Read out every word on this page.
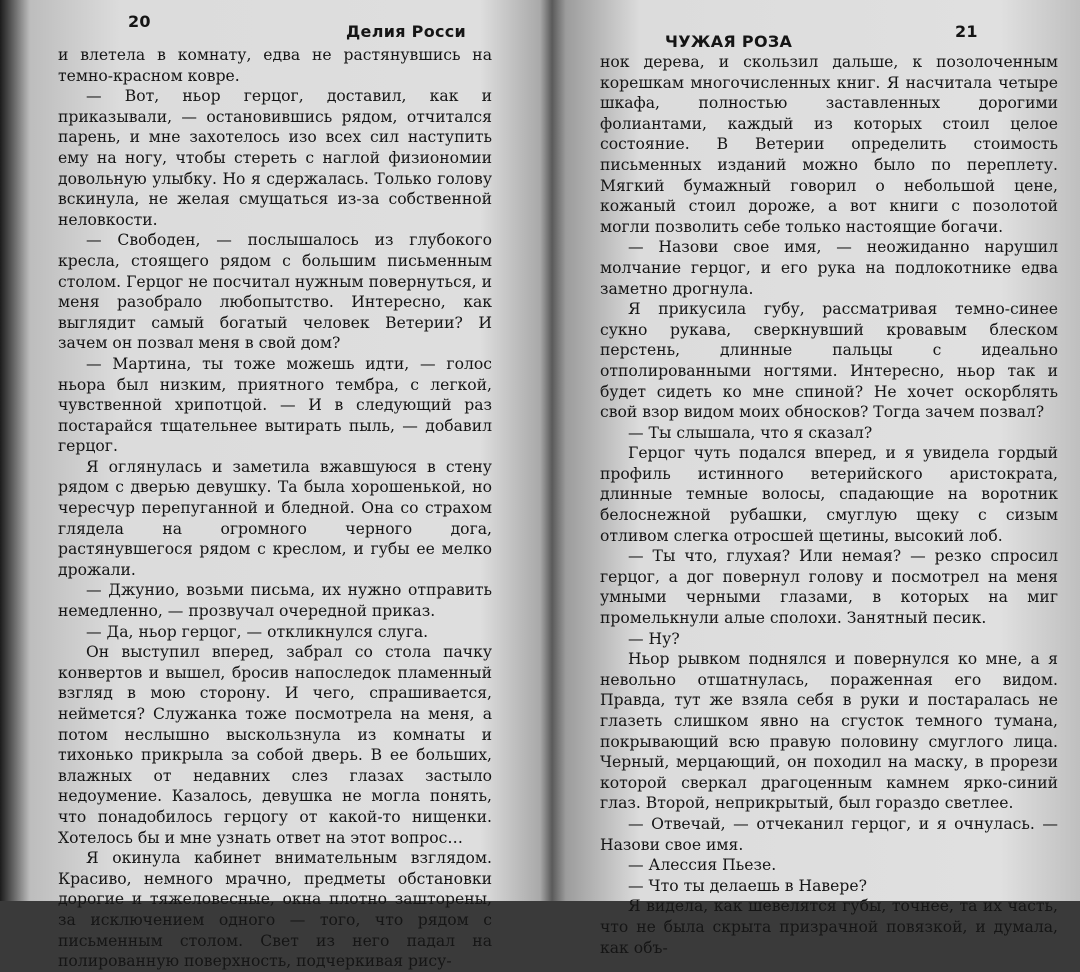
20
Делия Росси

и влетела в комнату, едва не растянувшись на темно-красном ковре.

— Вот, ньор герцог, доставил, как и приказывали, — остановившись рядом, отчитался парень, и мне захотелось изо всех сил наступить ему на ногу, чтобы стереть с наглой физиономии довольную улыбку. Но я сдержалась. Только голову вскинула, не желая смущаться из-за собственной неловкости.

— Свободен, — послышалось из глубокого кресла, стоящего рядом с большим письменным столом. Герцог не посчитал нужным повернуться, и меня разобрало любопытство. Интересно, как выглядит самый богатый человек Ветерии? И зачем он позвал меня в свой дом?

— Мартина, ты тоже можешь идти, — голос ньора был низким, приятного тембра, с легкой, чувственной хрипотцой. — И в следующий раз постарайся тщательнее вытирать пыль, — добавил герцог.

Я оглянулась и заметила вжавшуюся в стену рядом с дверью девушку. Та была хорошенькой, но чересчур перепуганной и бледной. Она со страхом глядела на огромного черного дога, растянувшегося рядом с креслом, и губы ее мелко дрожали.

— Джунио, возьми письма, их нужно отправить немедленно, — прозвучал очередной приказ.

— Да, ньор герцог, — откликнулся слуга.

Он выступил вперед, забрал со стола пачку конвертов и вышел, бросив напоследок пламенный взгляд в мою сторону. И чего, спрашивается, неймется? Служанка тоже посмотрела на меня, а потом неслышно выскользнула из комнаты и тихонько прикрыла за собой дверь. В ее больших, влажных от недавних слез глазах застыло недоумение. Казалось, девушка не могла понять, что понадобилось герцогу от какой-то нищенки. Хотелось бы и мне узнать ответ на этот вопрос…

Я окинула кабинет внимательным взглядом. Красиво, немного мрачно, предметы обстановки дорогие и тяжеловесные, окна плотно зашторены, за исключением одного — того, что рядом с письменным столом. Свет из него падал на полированную поверхность, подчеркивая рису-

ЧУЖАЯ РОЗА
21

нок дерева, и скользил дальше, к позолоченным корешкам многочисленных книг. Я насчитала четыре шкафа, полностью заставленных дорогими фолиантами, каждый из которых стоил целое состояние. В Ветерии определить стоимость письменных изданий можно было по переплету. Мягкий бумажный говорил о небольшой цене, кожаный стоил дороже, а вот книги с позолотой могли позволить себе только настоящие богачи.

— Назови свое имя, — неожиданно нарушил молчание герцог, и его рука на подлокотнике едва заметно дрогнула.

Я прикусила губу, рассматривая темно-синее сукно рукава, сверкнувший кровавым блеском перстень, длинные пальцы с идеально отполированными ногтями. Интересно, ньор так и будет сидеть ко мне спиной? Не хочет оскорблять свой взор видом моих обносков? Тогда зачем позвал?

— Ты слышала, что я сказал?

Герцог чуть подался вперед, и я увидела гордый профиль истинного ветерийского аристократа, длинные темные волосы, спадающие на воротник белоснежной рубашки, смуглую щеку с сизым отливом слегка отросшей щетины, высокий лоб.

— Ты что, глухая? Или немая? — резко спросил герцог, а дог повернул голову и посмотрел на меня умными черными глазами, в которых на миг промелькнули алые сполохи. Занятный песик.

— Ну?

Ньор рывком поднялся и повернулся ко мне, а я невольно отшатнулась, пораженная его видом. Правда, тут же взяла себя в руки и постаралась не глазеть слишком явно на сгусток темного тумана, покрывающий всю правую половину смуглого лица. Черный, мерцающий, он походил на маску, в прорези которой сверкал драгоценным камнем ярко-синий глаз. Второй, неприкрытый, был гораздо светлее.

— Отвечай, — отчеканил герцог, и я очнулась. — Назови свое имя.

— Алессия Пьезе.

— Что ты делаешь в Навере?

Я видела, как шевелятся губы, точнее, та их часть, что не была скрыта призрачной повязкой, и думала, как объ-
